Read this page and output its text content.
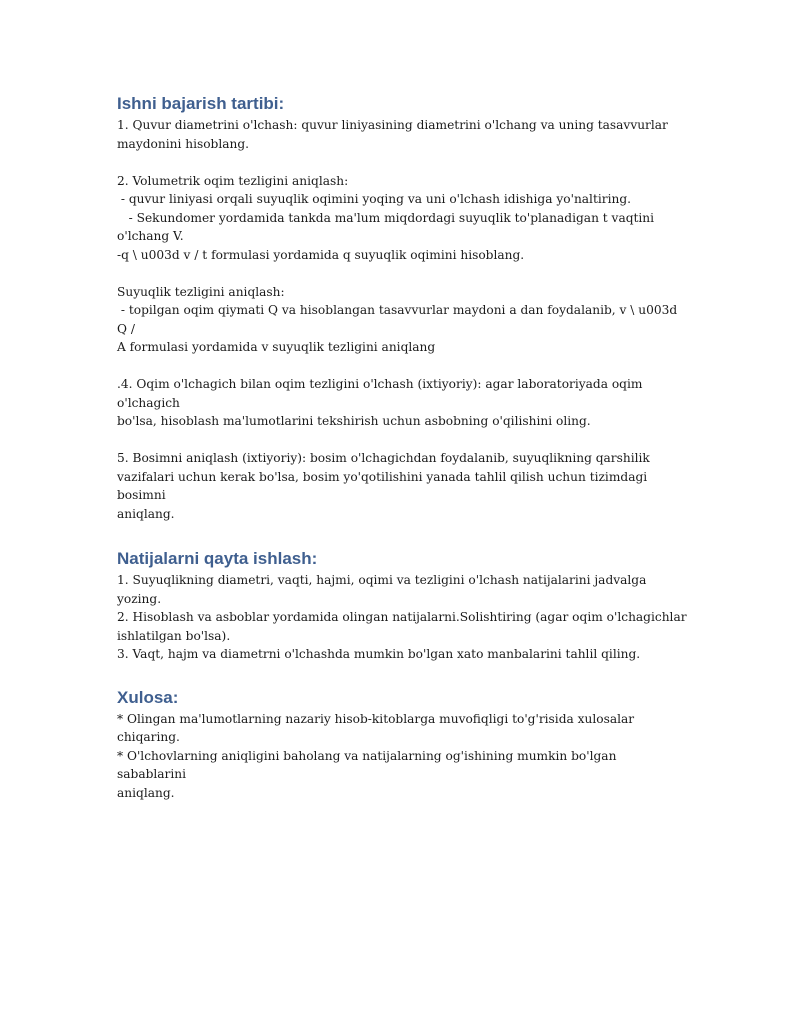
Ishni bajarish tartibi:

1. Quvur diametrini o'lchash: quvur liniyasining diametrini o'lchang va uning tasavvurlar

maydonini hisoblang.

2. Volumetrik oqim tezligini aniqlash:

- quvur liniyasi orqali suyuqlik oqimini yoqing va uni o'lchash idishiga yo'naltiring.

- Sekundomer yordamida tankda ma'lum miqdordagi suyuqlik to'planadigan t vaqtini

o'lchang V.

-q \ u003d v / t formulasi yordamida q suyuqlik oqimini hisoblang.

Suyuqlik tezligini aniqlash:

- topilgan oqim qiymati Q va hisoblangan tasavvurlar maydoni a dan foydalanib, v \ u003d Q /

A formulasi yordamida v suyuqlik tezligini aniqlang

.4. Oqim o'lchagich bilan oqim tezligini o'lchash (ixtiyoriy): agar laboratoriyada oqim o'lchagich

bo'lsa, hisoblash ma'lumotlarini tekshirish uchun asbobning o'qilishini oling.

5. Bosimni aniqlash (ixtiyoriy): bosim o'lchagichdan foydalanib, suyuqlikning qarshilik

vazifalari uchun kerak bo'lsa, bosim yo'qotilishini yanada tahlil qilish uchun tizimdagi bosimni

aniqlang.

Natijalarni qayta ishlash:

1. Suyuqlikning diametri, vaqti, hajmi, oqimi va tezligini o'lchash natijalarini jadvalga yozing.

2. Hisoblash va asboblar yordamida olingan natijalarni.Solishtiring (agar oqim o'lchagichlar

ishlatilgan bo'lsa).

3. Vaqt, hajm va diametrni o'lchashda mumkin bo'lgan xato manbalarini tahlil qiling.

Xulosa:

* Olingan ma'lumotlarning nazariy hisob-kitoblarga muvofiqligi to'g'risida xulosalar chiqaring.

* O'lchovlarning aniqligini baholang va natijalarning og'ishining mumkin bo'lgan sabablarini

aniqlang.
